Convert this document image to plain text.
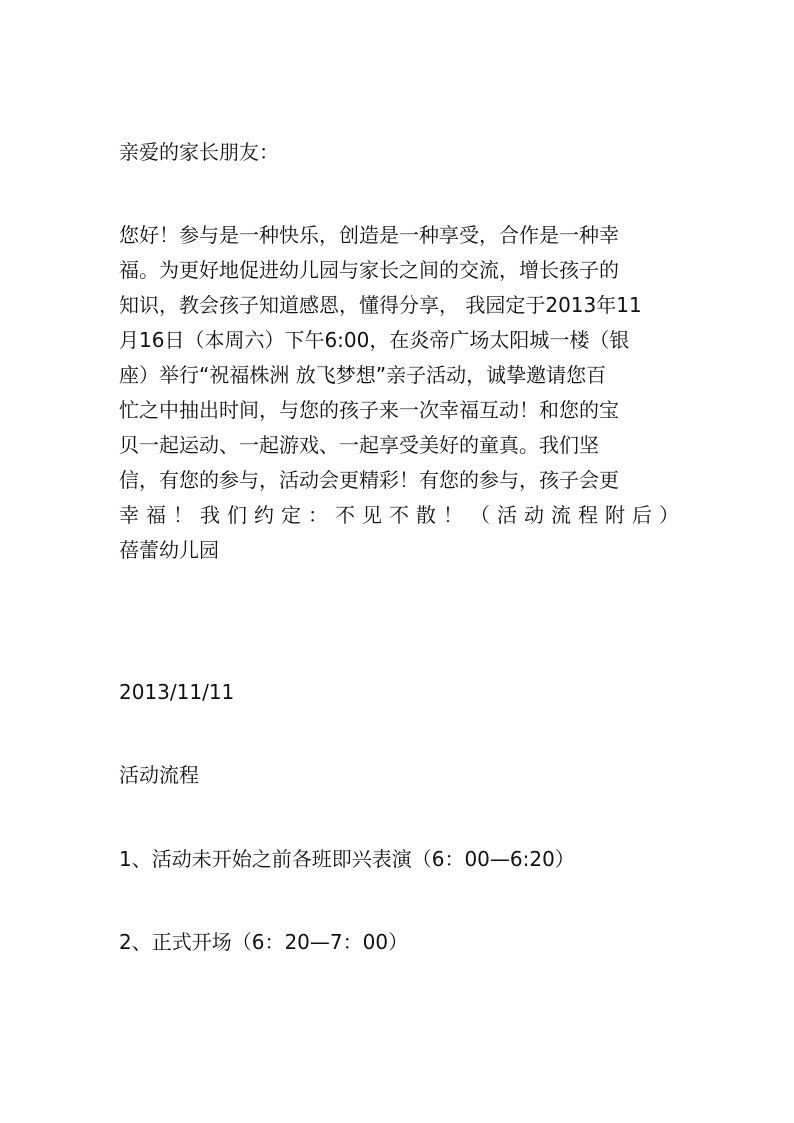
亲爱的家长朋友：
您好！参与是一种快乐，创造是一种享受，合作是一种幸
福。为更好地促进幼儿园与家长之间的交流，增长孩子的
知识，教会孩子知道感恩，懂得分享， 我园定于2013年11
月16日（本周六）下午6:00，在炎帝广场太阳城一楼（银
座）举行“祝福株洲 放飞梦想”亲子活动，诚挚邀请您百
忙之中抽出时间，与您的孩子来一次幸福互动！和您的宝
贝一起运动、一起游戏、一起享受美好的童真。我们坚
信，有您的参与，活动会更精彩！有您的参与，孩子会更
幸福！我们约定：不见不散！（活动流程附后）
蓓蕾幼儿园
2013/11/11
活动流程
1、活动未开始之前各班即兴表演（6：00—6:20）
2、正式开场（6：20—7：00）
